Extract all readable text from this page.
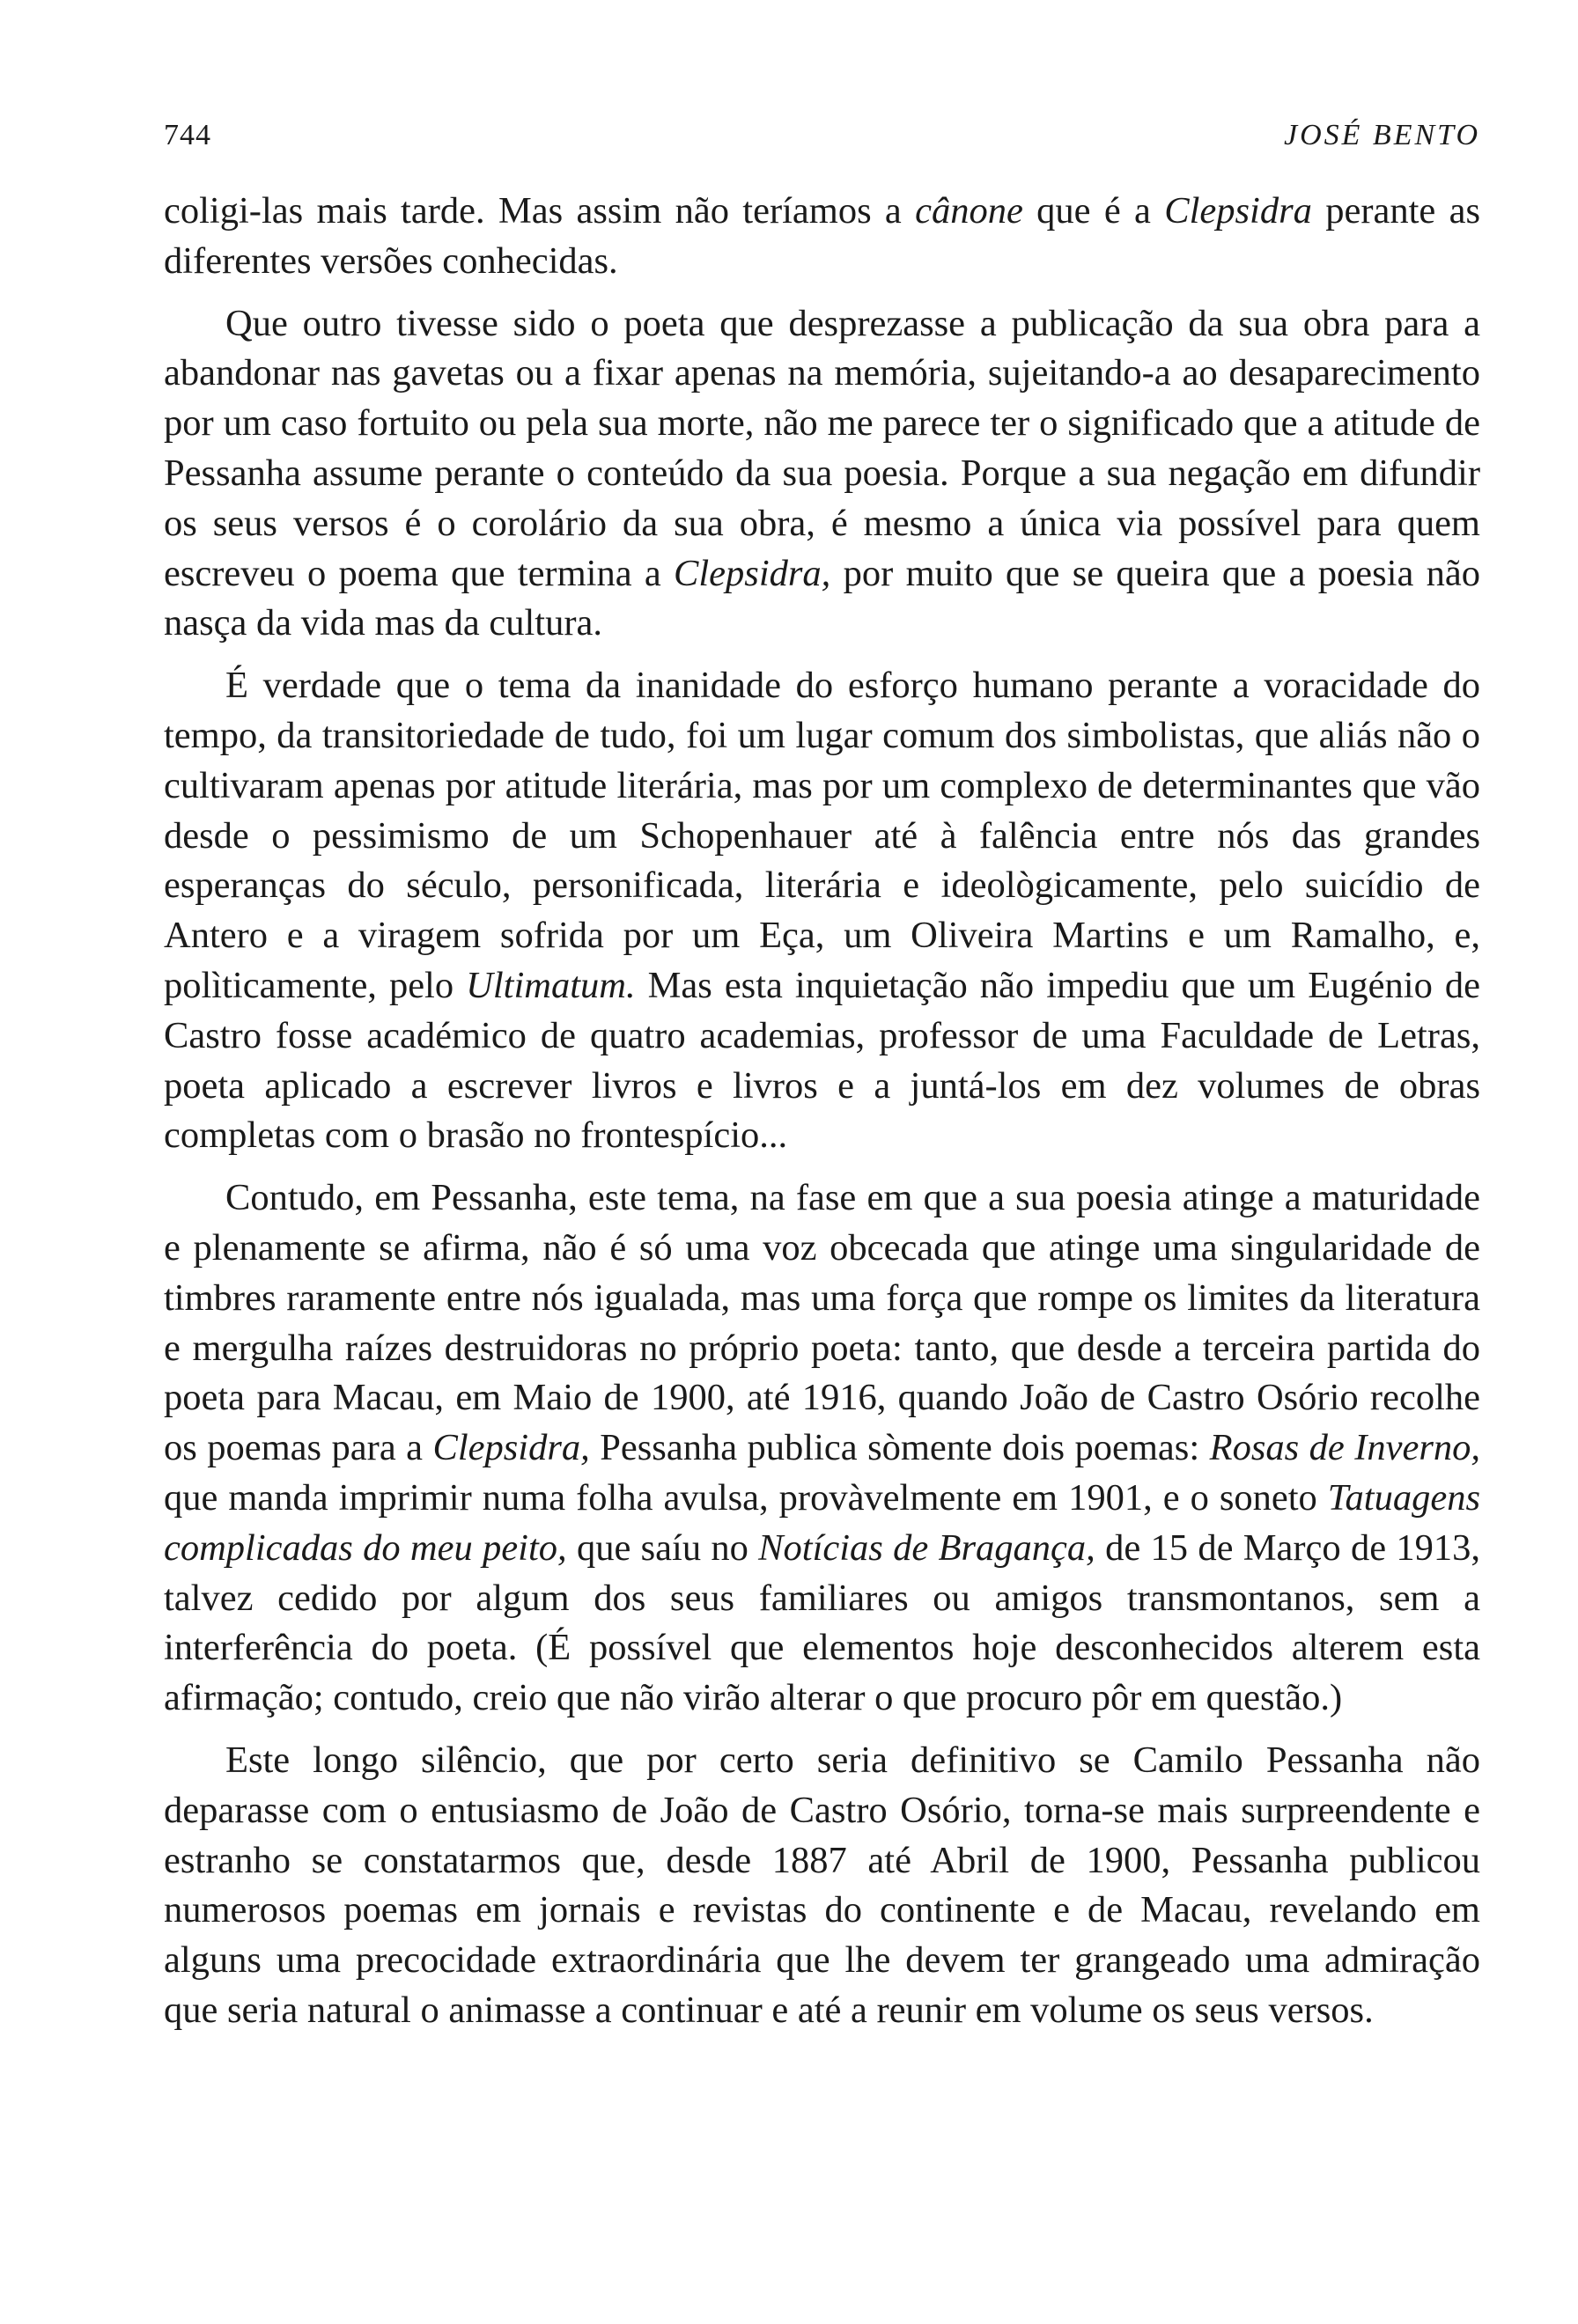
744	JOSÉ BENTO

coligi-las mais tarde. Mas assim não teríamos a cânone que é a Clepsidra perante as diferentes versões conhecidas.

Que outro tivesse sido o poeta que desprezasse a publicação da sua obra para a abandonar nas gavetas ou a fixar apenas na memória, sujeitando-a ao desaparecimento por um caso fortuito ou pela sua morte, não me parece ter o significado que a atitude de Pessanha assume perante o conteúdo da sua poesia. Porque a sua negação em difundir os seus versos é o corolário da sua obra, é mesmo a única via possível para quem escreveu o poema que termina a Clepsidra, por muito que se queira que a poesia não nasça da vida mas da cultura.

É verdade que o tema da inanidade do esforço humano perante a voracidade do tempo, da transitoriedade de tudo, foi um lugar comum dos simbolistas, que aliás não o cultivaram apenas por atitude literária, mas por um complexo de determinantes que vão desde o pessimismo de um Schopenhauer até à falência entre nós das grandes esperanças do século, personificada, literária e ideològicamente, pelo suicídio de Antero e a viragem sofrida por um Eça, um Oliveira Martins e um Ramalho, e, polìticamente, pelo Ultimatum. Mas esta inquietação não impediu que um Eugénio de Castro fosse académico de quatro academias, professor de uma Faculdade de Letras, poeta aplicado a escrever livros e livros e a juntá-los em dez volumes de obras completas com o brasão no frontespício...

Contudo, em Pessanha, este tema, na fase em que a sua poesia atinge a maturidade e plenamente se afirma, não é só uma voz obcecada que atinge uma singularidade de timbres raramente entre nós igualada, mas uma força que rompe os limites da literatura e mergulha raízes destruidoras no próprio poeta: tanto, que desde a terceira partida do poeta para Macau, em Maio de 1900, até 1916, quando João de Castro Osório recolhe os poemas para a Clepsidra, Pessanha publica sòmente dois poemas: Rosas de Inverno, que manda imprimir numa folha avulsa, provàvelmente em 1901, e o soneto Tatuagens complicadas do meu peito, que saíu no Notícias de Bragança, de 15 de Março de 1913, talvez cedido por algum dos seus familiares ou amigos transmontanos, sem a interferência do poeta. (É possível que elementos hoje desconhecidos alterem esta afirmação; contudo, creio que não virão alterar o que procuro pôr em questão.)

Este longo silêncio, que por certo seria definitivo se Camilo Pessanha não deparasse com o entusiasmo de João de Castro Osório, torna-se mais surpreendente e estranho se constatarmos que, desde 1887 até Abril de 1900, Pessanha publicou numerosos poemas em jornais e revistas do continente e de Macau, revelando em alguns uma precocidade extraordinária que lhe devem ter grangeado uma admiração que seria natural o animasse a continuar e até a reunir em volume os seus versos.
